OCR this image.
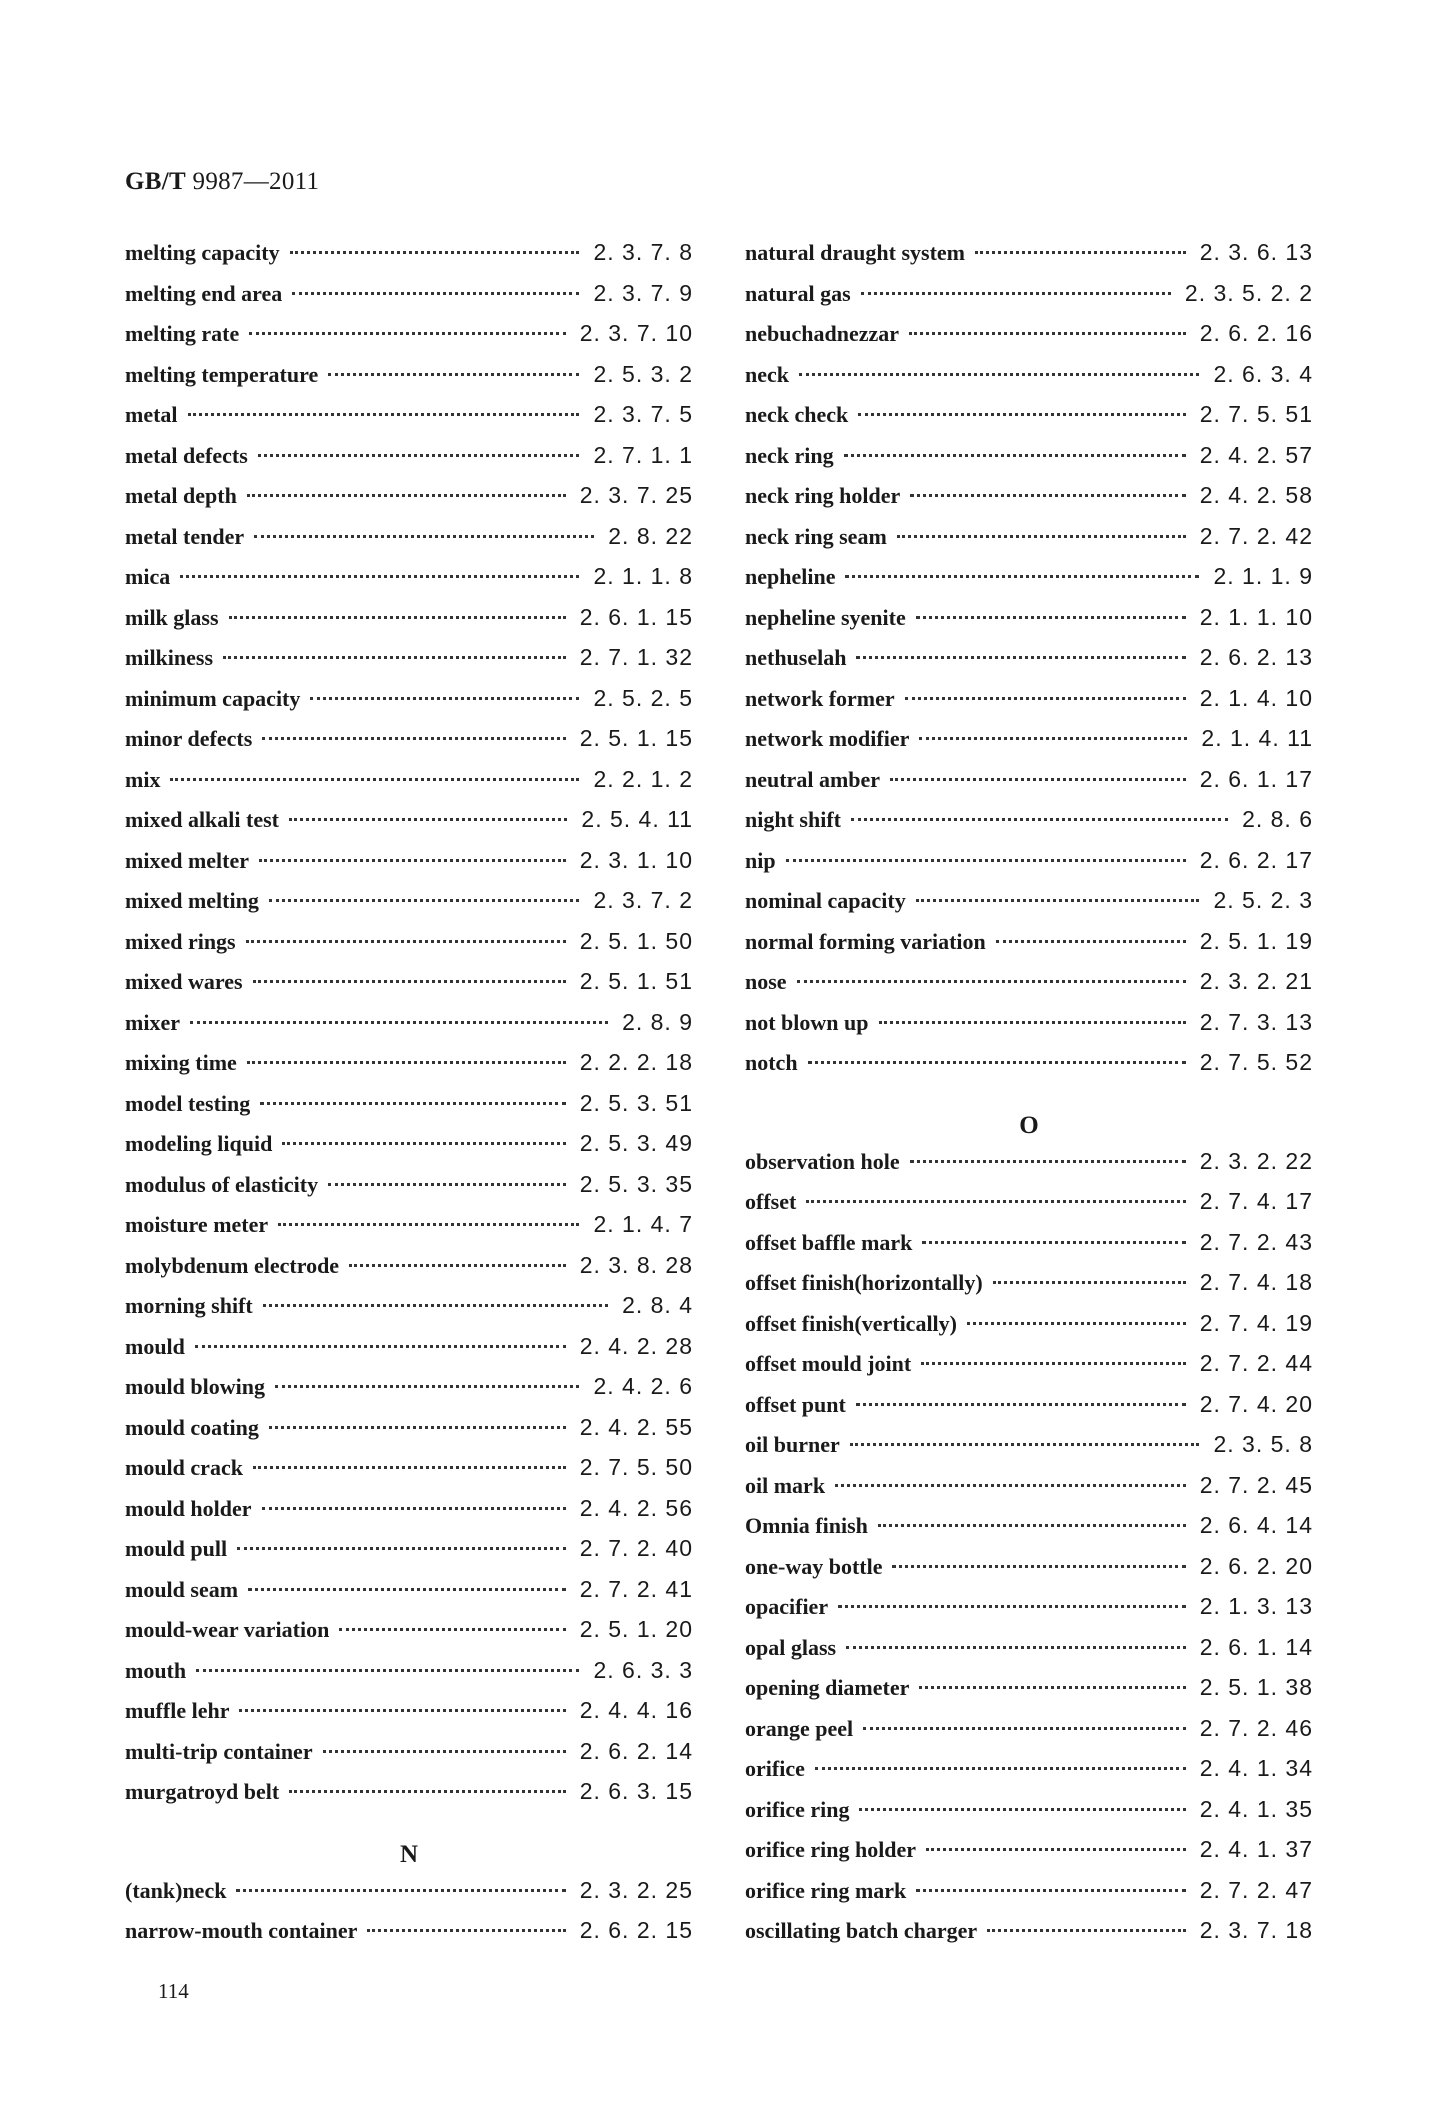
GB/T 9987—2011
melting capacity	2. 3. 7. 8
melting end area	2. 3. 7. 9
melting rate	2. 3. 7. 10
melting temperature	2. 5. 3. 2
metal	2. 3. 7. 5
metal defects	2. 7. 1. 1
metal depth	2. 3. 7. 25
metal tender	2. 8. 22
mica	2. 1. 1. 8
milk glass	2. 6. 1. 15
milkiness	2. 7. 1. 32
minimum capacity	2. 5. 2. 5
minor defects	2. 5. 1. 15
mix	2. 2. 1. 2
mixed alkali test	2. 5. 4. 11
mixed melter	2. 3. 1. 10
mixed melting	2. 3. 7. 2
mixed rings	2. 5. 1. 50
mixed wares	2. 5. 1. 51
mixer	2. 8. 9
mixing time	2. 2. 2. 18
model testing	2. 5. 3. 51
modeling liquid	2. 5. 3. 49
modulus of elasticity	2. 5. 3. 35
moisture meter	2. 1. 4. 7
molybdenum electrode	2. 3. 8. 28
morning shift	2. 8. 4
mould	2. 4. 2. 28
mould blowing	2. 4. 2. 6
mould coating	2. 4. 2. 55
mould crack	2. 7. 5. 50
mould holder	2. 4. 2. 56
mould pull	2. 7. 2. 40
mould seam	2. 7. 2. 41
mould-wear variation	2. 5. 1. 20
mouth	2. 6. 3. 3
muffle lehr	2. 4. 4. 16
multi-trip container	2. 6. 2. 14
murgatroyd belt	2. 6. 3. 15
N
(tank)neck	2. 3. 2. 25
narrow-mouth container	2. 6. 2. 15
natural draught system	2. 3. 6. 13
natural gas	2. 3. 5. 2. 2
nebuchadnezzar	2. 6. 2. 16
neck	2. 6. 3. 4
neck check	2. 7. 5. 51
neck ring	2. 4. 2. 57
neck ring holder	2. 4. 2. 58
neck ring seam	2. 7. 2. 42
nepheline	2. 1. 1. 9
nepheline syenite	2. 1. 1. 10
nethuselah	2. 6. 2. 13
network former	2. 1. 4. 10
network modifier	2. 1. 4. 11
neutral amber	2. 6. 1. 17
night shift	2. 8. 6
nip	2. 6. 2. 17
nominal capacity	2. 5. 2. 3
normal forming variation	2. 5. 1. 19
nose	2. 3. 2. 21
not blown up	2. 7. 3. 13
notch	2. 7. 5. 52
O
observation hole	2. 3. 2. 22
offset	2. 7. 4. 17
offset baffle mark	2. 7. 2. 43
offset finish(horizontally)	2. 7. 4. 18
offset finish(vertically)	2. 7. 4. 19
offset mould joint	2. 7. 2. 44
offset punt	2. 7. 4. 20
oil burner	2. 3. 5. 8
oil mark	2. 7. 2. 45
Omnia finish	2. 6. 4. 14
one-way bottle	2. 6. 2. 20
opacifier	2. 1. 3. 13
opal glass	2. 6. 1. 14
opening diameter	2. 5. 1. 38
orange peel	2. 7. 2. 46
orifice	2. 4. 1. 34
orifice ring	2. 4. 1. 35
orifice ring holder	2. 4. 1. 37
orifice ring mark	2. 7. 2. 47
oscillating batch charger	2. 3. 7. 18
114
